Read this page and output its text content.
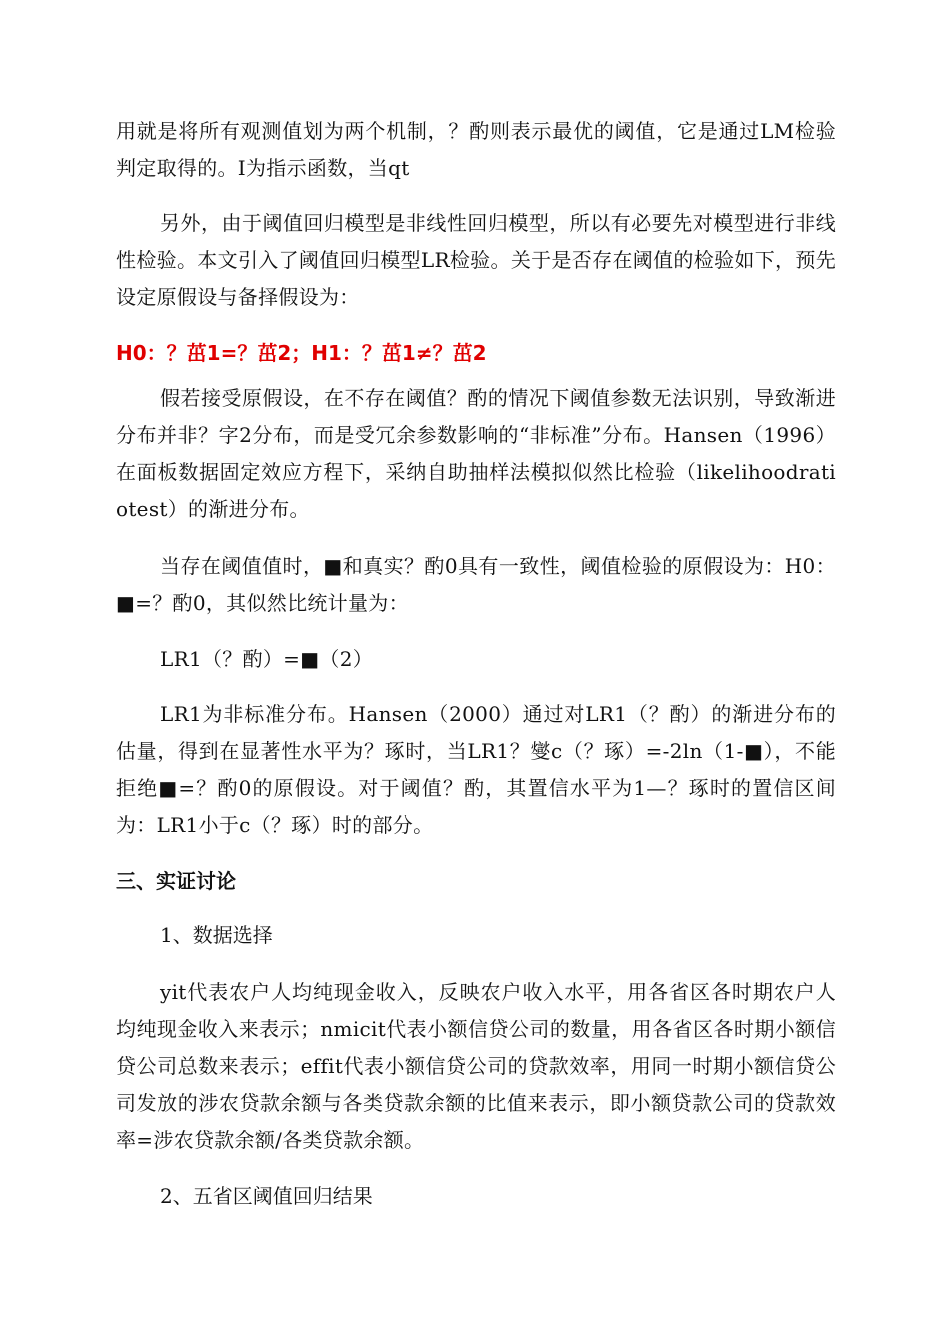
用就是将所有观测值划为两个机制，？酌则表示最优的阈值，它是通过LM检验判定取得的。I为指示函数，当qt

另外，由于阈值回归模型是非线性回归模型，所以有必要先对模型进行非线性检验。本文引入了阈值回归模型LR检验。关于是否存在阈值的检验如下，预先设定原假设与备择假设为：

H0：？茁1=？茁2；H1：？茁1≠？茁2

假若接受原假设，在不存在阈值？酌的情况下阈值参数无法识别，导致渐进分布并非？字2分布，而是受冗余参数影响的“非标准”分布。Hansen（1996）在面板数据固定效应方程下，采纳自助抽样法模拟似然比检验（likelihoodratiotest）的渐进分布。

当存在阈值值时，■和真实？酌0具有一致性，阈值检验的原假设为：H0：■=？酌0，其似然比统计量为：

LR1（？酌）=■（2）

LR1为非标准分布。Hansen（2000）通过对LR1（？酌）的渐进分布的估量，得到在显著性水平为？琢时，当LR1？燮c（？琢）=-2ln（1-■），不能拒绝■=？酌0的原假设。对于阈值？酌，其置信水平为1—？琢时的置信区间为：LR1小于c（？琢）时的部分。

三、实证讨论

1、数据选择

yit代表农户人均纯现金收入，反映农户收入水平，用各省区各时期农户人均纯现金收入来表示；nmicit代表小额信贷公司的数量，用各省区各时期小额信贷公司总数来表示；effit代表小额信贷公司的贷款效率，用同一时期小额信贷公司发放的涉农贷款余额与各类贷款余额的比值来表示，即小额贷款公司的贷款效率=涉农贷款余额/各类贷款余额。

2、五省区阈值回归结果
